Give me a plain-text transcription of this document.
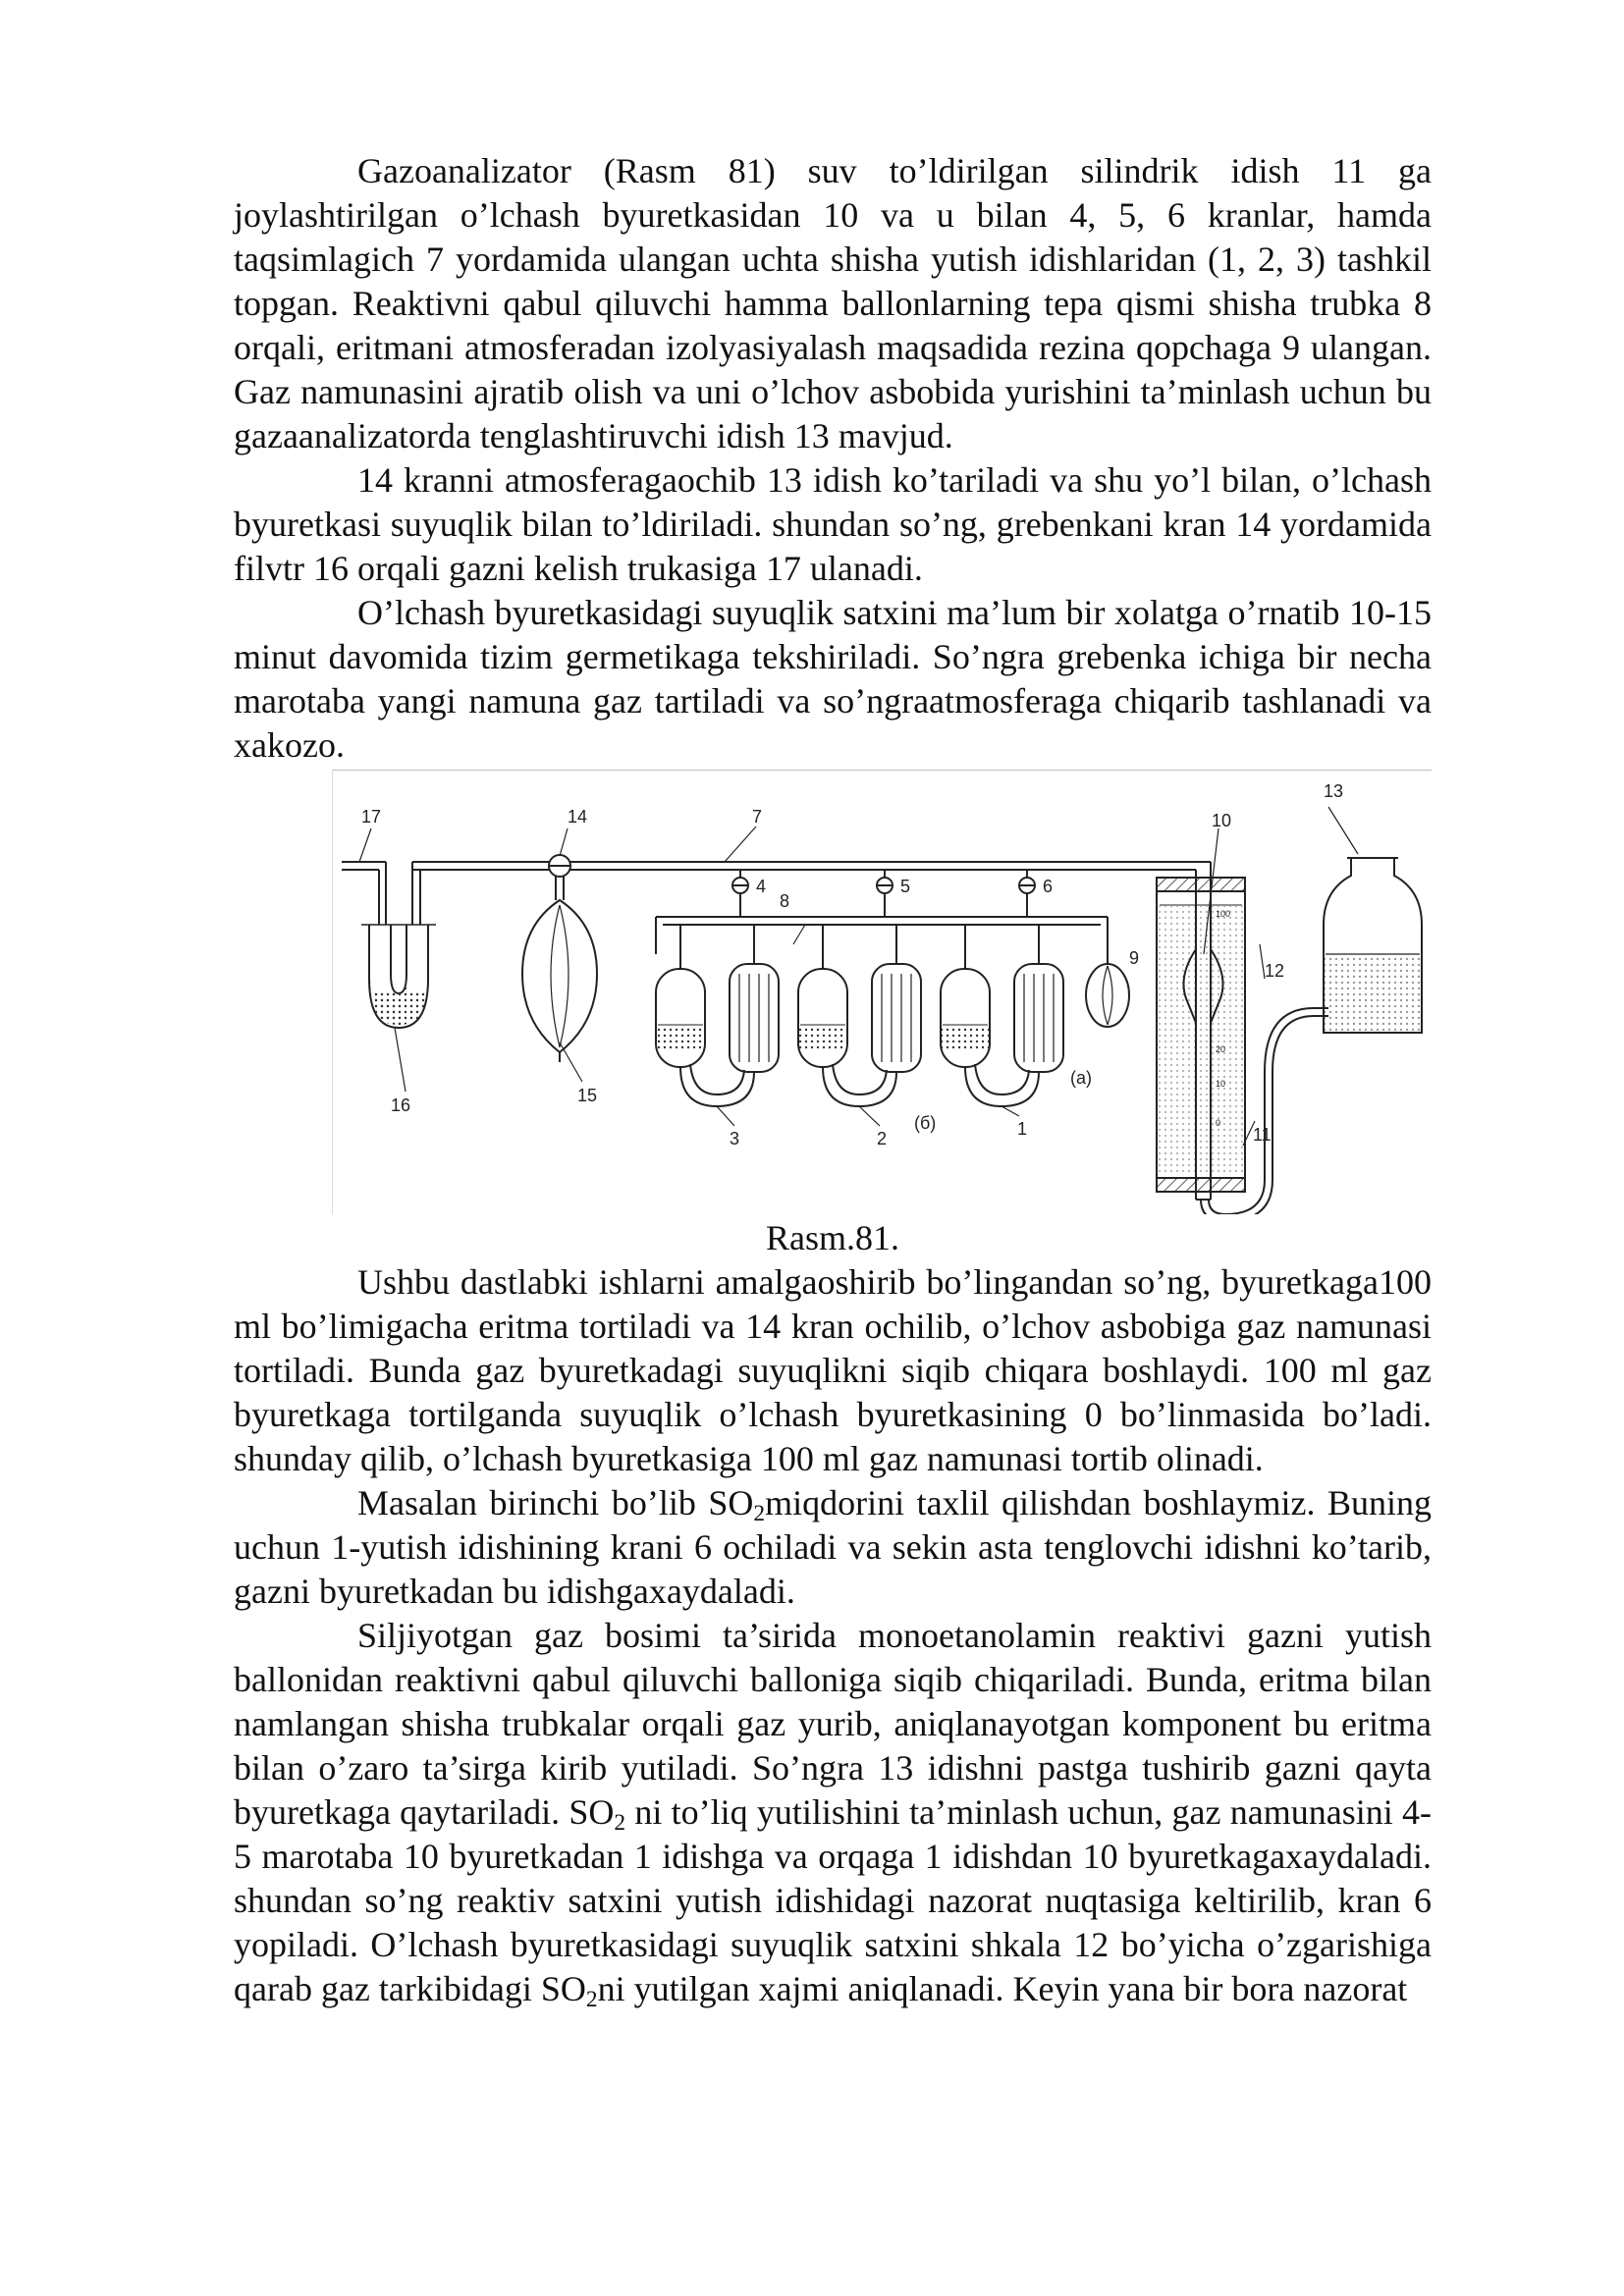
Gazoanalizator (Rasm 81) suv to’ldirilgan silindrik idish 11 ga joylashtirilgan o’lchash byuretkasidan 10 va u bilan 4, 5, 6 kranlar, hamda taqsimlagich 7 yordamida ulangan uchta shisha yutish idishlaridan (1, 2, 3) tashkil topgan. Reaktivni qabul qiluvchi hamma ballonlarning tepa qismi shisha trubka 8 orqali, eritmani atmosferadan izolyasiyalash maqsadida rezina qopchaga 9 ulangan. Gaz namunasini ajratib olish va uni o’lchov asbobida yurishini ta’minlash uchun bu gazaanalizatorda tenglashtiruvchi idish 13 mavjud.

14 kranni atmosferagaochib 13 idish ko’tariladi va shu yo’l bilan, o’lchash byuretkasi suyuqlik bilan to’ldiriladi. shundan so’ng, grebenkani kran 14 yordamida filvtr 16 orqali gazni kelish trukasiga 17 ulanadi.

O’lchash byuretkasidagi suyuqlik satxini ma’lum bir xolatga o’rnatib 10-15 minut davomida tizim germetikaga tekshiriladi. So’ngra grebenka ichiga bir necha marotaba yangi namuna gaz tartiladi va so’ngraatmosferaga chiqarib tashlanadi va xakozo.

17	14	7
13
10
4	5	6
8
9
12
16	15
3	2	1
(а)
(б)
11
100
20
10
0

Rasm.81.

Ushbu dastlabki ishlarni amalgaoshirib bo’lingandan so’ng, byuretkaga100 ml bo’limigacha eritma tortiladi va 14 kran ochilib, o’lchov asbobiga gaz namunasi tortiladi. Bunda gaz byuretkadagi suyuqlikni siqib chiqara boshlaydi. 100 ml gaz byuretkaga tortilganda suyuqlik o’lchash byuretkasining 0 bo’linmasida bo’ladi. shunday qilib, o’lchash byuretkasiga 100 ml gaz namunasi tortib olinadi.

Masalan birinchi bo’lib $SO_2miqdorini$ taxlil qilishdan boshlaymiz. Buning uchun 1-yutish idishining krani 6 ochiladi va sekin asta tenglovchi idishni ko’tarib, gazni byuretkadan bu idishgaxaydaladi.

Siljiyotgan gaz bosimi ta’sirida monoetanolamin reaktivi gazni yutish ballonidan reaktivni qabul qiluvchi balloniga siqib chiqariladi. Bunda, eritma bilan namlangan shisha trubkalar orqali gaz yurib, aniqlanayotgan komponent bu eritma bilan o’zaro ta’sirga kirib yutiladi. So’ngra 13 idishni pastga tushirib gazni qayta byuretkaga qaytariladi. $SO_2$ ni to’liq yutilishini ta’minlash uchun, gaz namunasini 4-5 marotaba 10 byuretkadan 1 idishga va orqaga 1 idishdan 10 byuretkagaxaydaladi. shundan so’ng reaktiv satxini yutish idishidagi nazorat nuqtasiga keltirilib, kran 6 yopiladi. O’lchash byuretkasidagi suyuqlik satxini shkala 12 bo’yicha o’zgarishiga qarab gaz tarkibidagi $SO_2ni$ yutilgan xajmi aniqlanadi. Keyin yana bir bora nazorat
